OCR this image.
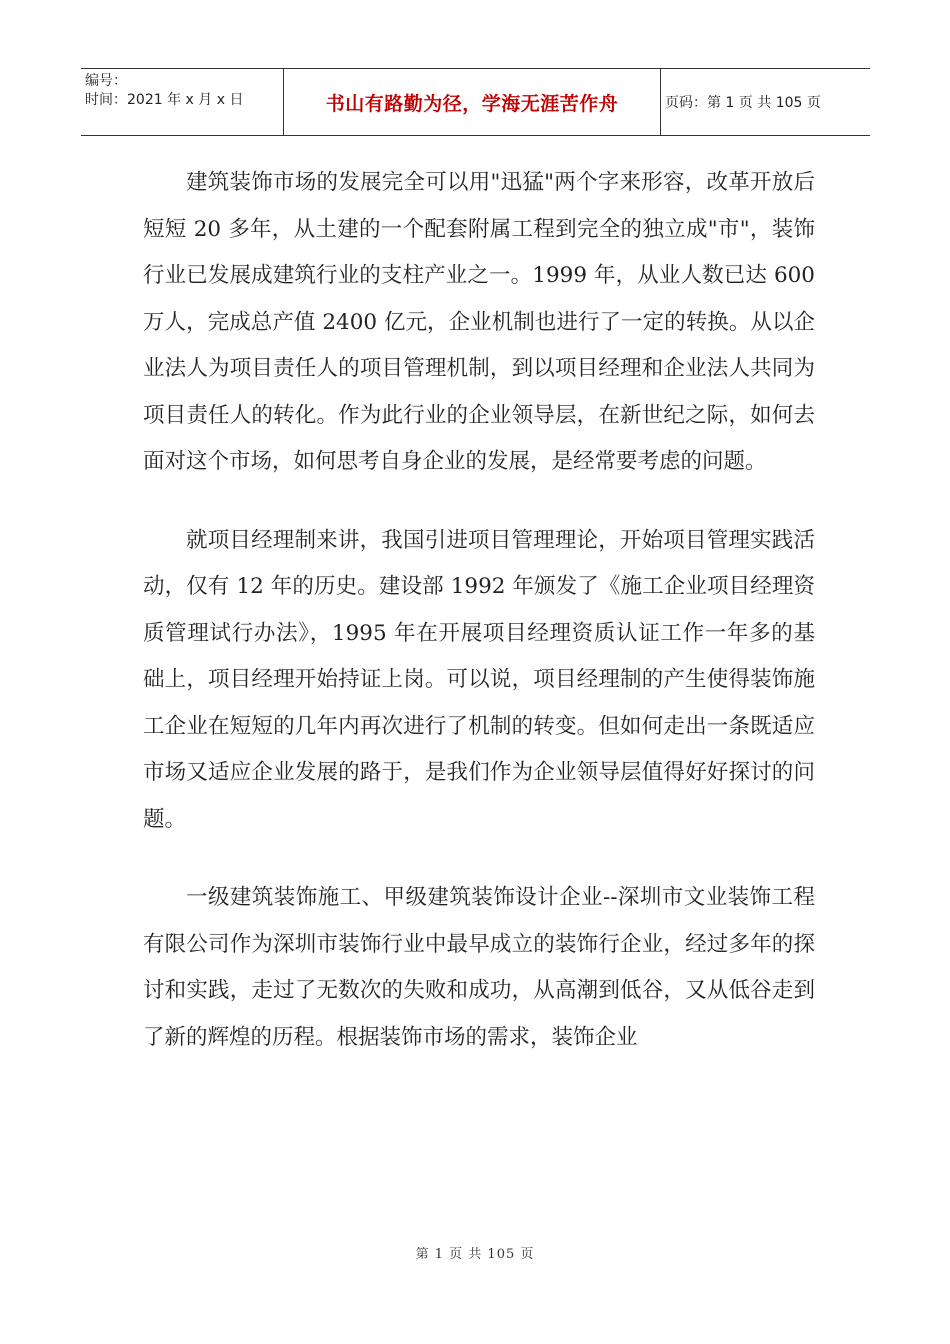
编号：
时间：2021 年 x 月 x 日	书山有路勤为径，学海无涯苦作舟	页码：第 1 页 共 105 页

建筑装饰市场的发展完全可以用"迅猛"两个字来形容，改革开放后短短 20 多年，从土建的一个配套附属工程到完全的独立成"市"，装饰行业已发展成建筑行业的支柱产业之一。1999 年，从业人数已达 600 万人，完成总产值 2400 亿元，企业机制也进行了一定的转换。从以企业法人为项目责任人的项目管理机制，到以项目经理和企业法人共同为项目责任人的转化。作为此行业的企业领导层，在新世纪之际，如何去面对这个市场，如何思考自身企业的发展，是经常要考虑的问题。

就项目经理制来讲，我国引进项目管理理论，开始项目管理实践活动，仅有 12 年的历史。建设部 1992 年颁发了《施工企业项目经理资质管理试行办法》，1995 年在开展项目经理资质认证工作一年多的基础上，项目经理开始持证上岗。可以说，项目经理制的产生使得装饰施工企业在短短的几年内再次进行了机制的转变。但如何走出一条既适应市场又适应企业发展的路于，是我们作为企业领导层值得好好探讨的问题。

一级建筑装饰施工、甲级建筑装饰设计企业--深圳市文业装饰工程有限公司作为深圳市装饰行业中最早成立的装饰行企业，经过多年的探讨和实践，走过了无数次的失败和成功，从高潮到低谷，又从低谷走到了新的辉煌的历程。根据装饰市场的需求，装饰企业

第 1 页 共 105 页
